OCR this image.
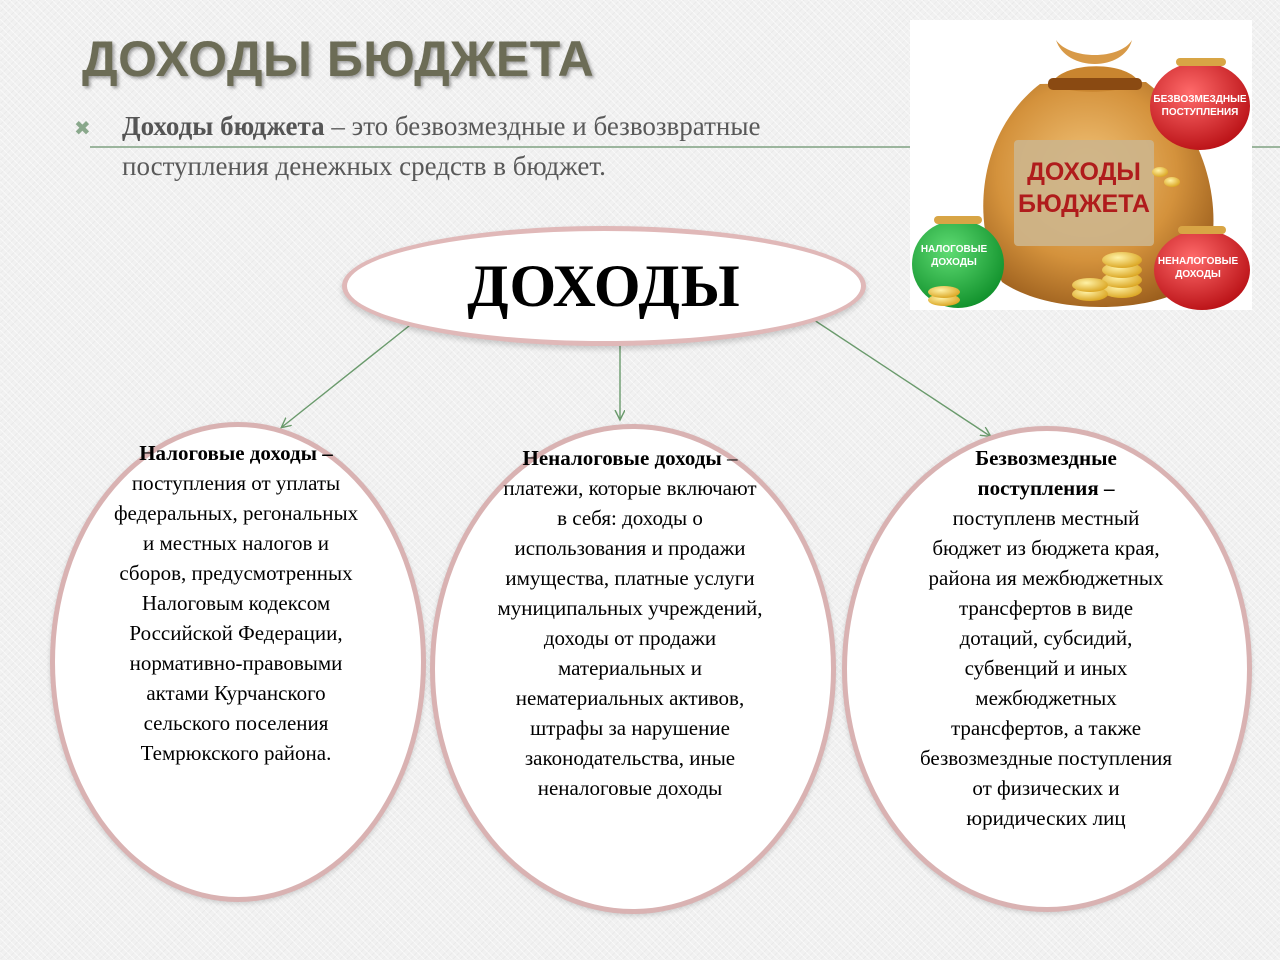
ДОХОДЫ БЮДЖЕТА
✖ Доходы бюджета – это безвозмездные и безвозвратные поступления денежных средств в бюджет.	ДОХОДЫ
БЮДЖЕТА
БЕЗВОЗМЕЗДНЫЕ
ПОСТУПЛЕНИЯ
НАЛОГОВЫЕ
ДОХОДЫ	НЕНАЛОГОВЫЕ
ДОХОДЫ
ДОХОДЫ

Налоговые доходы –
поступления от уплаты федеральных, регональных и местных налогов и сборов, предусмотренных Налоговым кодексом Российской Федерации, нормативно-правовыми актами Курчанского сельского поселения Темрюкского района.

Неналоговые доходы – платежи, которые включают в себя: доходы о использования и продажи имущества, платные услуги муниципальных учреждений, доходы от продажи материальных и нематериальных активов, штрафы за нарушение законодательства, иные неналоговые доходы

Безвозмездные поступления –
поступленв местный бюджет из бюджета края, района ия межбюджетных трансфертов в виде дотаций, субсидий, субвенций и иных межбюджетных трансфертов, а также безвозмездные поступления от физических и юридических лиц
